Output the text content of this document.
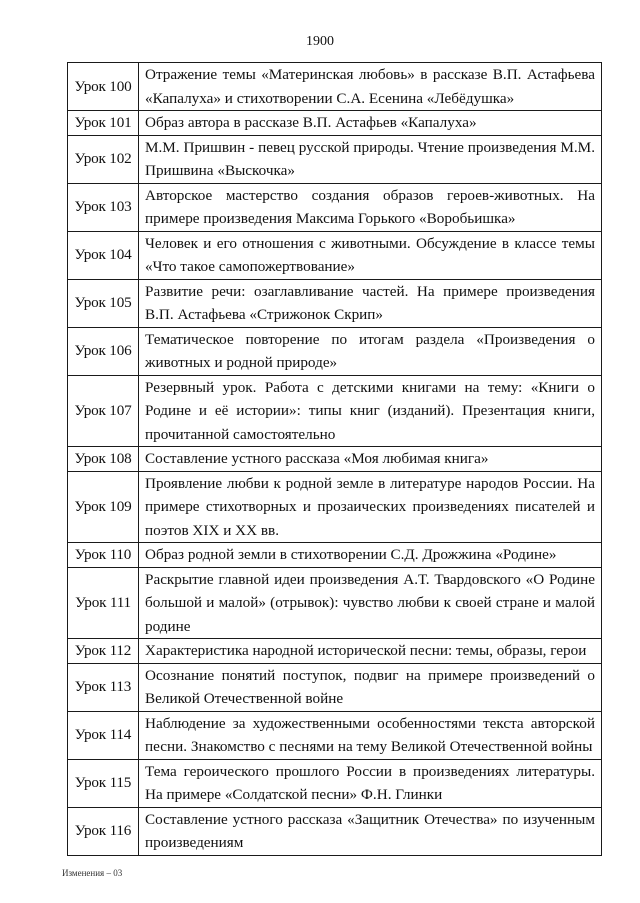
1900
Урок 100	Отражение темы «Материнская любовь» в рассказе В.П. Астафьева «Капалуха» и стихотворении С.А. Есенина «Лебёдушка»
Урок 101	Образ автора в рассказе В.П. Астафьев «Капалуха»
Урок 102	М.М. Пришвин - певец русской природы. Чтение произведения М.М. Пришвина «Выскочка»
Урок 103	Авторское мастерство создания образов героев-животных. На примере произведения Максима Горького «Воробьишка»
Урок 104	Человек и его отношения с животными. Обсуждение в классе темы «Что такое самопожертвование»
Урок 105	Развитие речи: озаглавливание частей. На примере произведения В.П. Астафьева «Стрижонок Скрип»
Урок 106	Тематическое повторение по итогам раздела «Произведения о животных и родной природе»
Урок 107	Резервный урок. Работа с детскими книгами на тему: «Книги о Родине и её истории»: типы книг (изданий). Презентация книги, прочитанной самостоятельно
Урок 108	Составление устного рассказа «Моя любимая книга»
Урок 109	Проявление любви к родной земле в литературе народов России. На примере стихотворных и прозаических произведениях писателей и поэтов XIX и XX вв.
Урок 110	Образ родной земли в стихотворении С.Д. Дрожжина «Родине»
Урок 111	Раскрытие главной идеи произведения А.Т. Твардовского «О Родине большой и малой» (отрывок): чувство любви к своей стране и малой родине
Урок 112	Характеристика народной исторической песни: темы, образы, герои
Урок 113	Осознание понятий поступок, подвиг на примере произведений о Великой Отечественной войне
Урок 114	Наблюдение за художественными особенностями текста авторской песни. Знакомство с песнями на тему Великой Отечественной войны
Урок 115	Тема героического прошлого России в произведениях литературы. На примере «Солдатской песни» Ф.Н. Глинки
Урок 116	Составление устного рассказа «Защитник Отечества» по изученным произведениям
Изменения – 03
